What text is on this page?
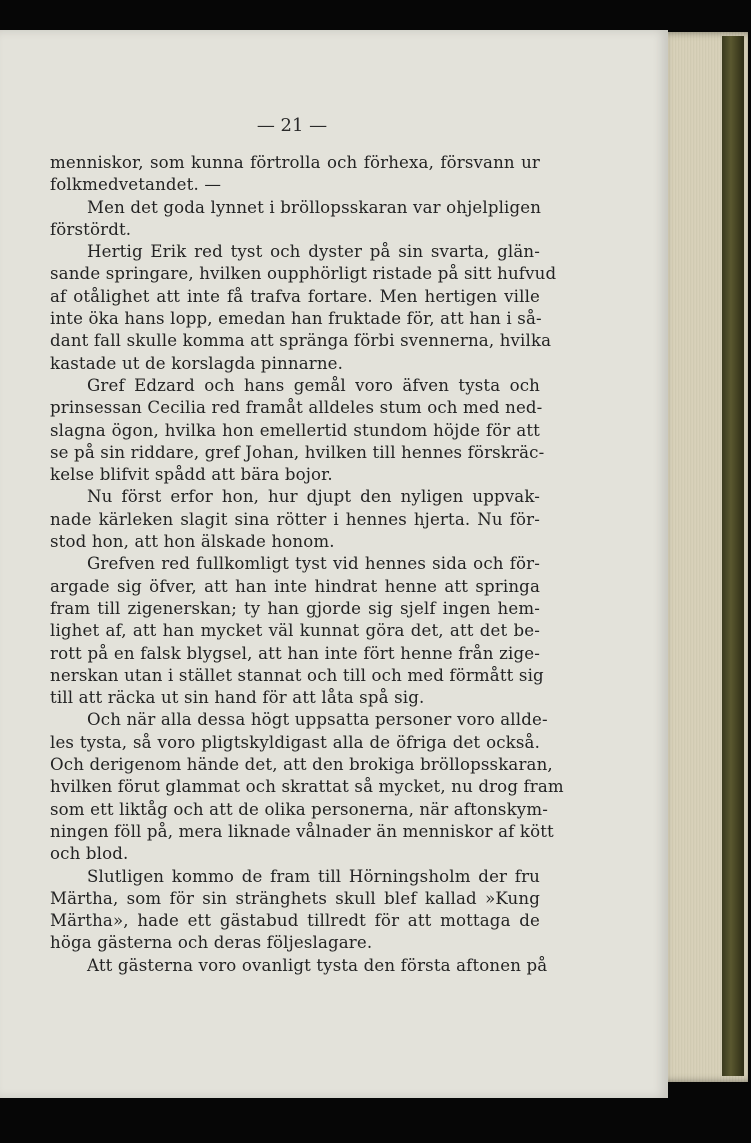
— 21 —
menniskor, som kunna förtrolla och förhexa, försvann ur
folkmedvetandet. —
Men det goda lynnet i bröllopsskaran var ohjelpligen
förstördt.
Hertig Erik red tyst och dyster på sin svarta, glän-
sande springare, hvilken oupphörligt ristade på sitt hufvud
af otålighet att inte få trafva fortare. Men hertigen ville
inte öka hans lopp, emedan han fruktade för, att han i så-
dant fall skulle komma att spränga förbi svennerna, hvilka
kastade ut de korslagda pinnarne.
Gref Edzard och hans gemål voro äfven tysta och
prinsessan Cecilia red framåt alldeles stum och med ned-
slagna ögon, hvilka hon emellertid stundom höjde för att
se på sin riddare, gref Johan, hvilken till hennes förskräc-
kelse blifvit spådd att bära bojor.
Nu först erfor hon, hur djupt den nyligen uppvak-
nade kärleken slagit sina rötter i hennes hjerta. Nu för-
stod hon, att hon älskade honom.
Grefven red fullkomligt tyst vid hennes sida och för-
argade sig öfver, att han inte hindrat henne att springa
fram till zigenerskan; ty han gjorde sig sjelf ingen hem-
lighet af, att han mycket väl kunnat göra det, att det be-
rott på en falsk blygsel, att han inte fört henne från zige-
nerskan utan i stället stannat och till och med förmått sig
till att räcka ut sin hand för att låta spå sig.
Och när alla dessa högt uppsatta personer voro allde-
les tysta, så voro pligtskyldigast alla de öfriga det också.
Och derigenom hände det, att den brokiga bröllopsskaran,
hvilken förut glammat och skrattat så mycket, nu drog fram
som ett liktåg och att de olika personerna, när aftonskym-
ningen föll på, mera liknade vålnader än menniskor af kött
och blod.
Slutligen kommo de fram till Hörningsholm der fru
Märtha, som för sin stränghets skull blef kallad »Kung
Märtha», hade ett gästabud tillredt för att mottaga de
höga gästerna och deras följeslagare.
Att gästerna voro ovanligt tysta den första aftonen på
